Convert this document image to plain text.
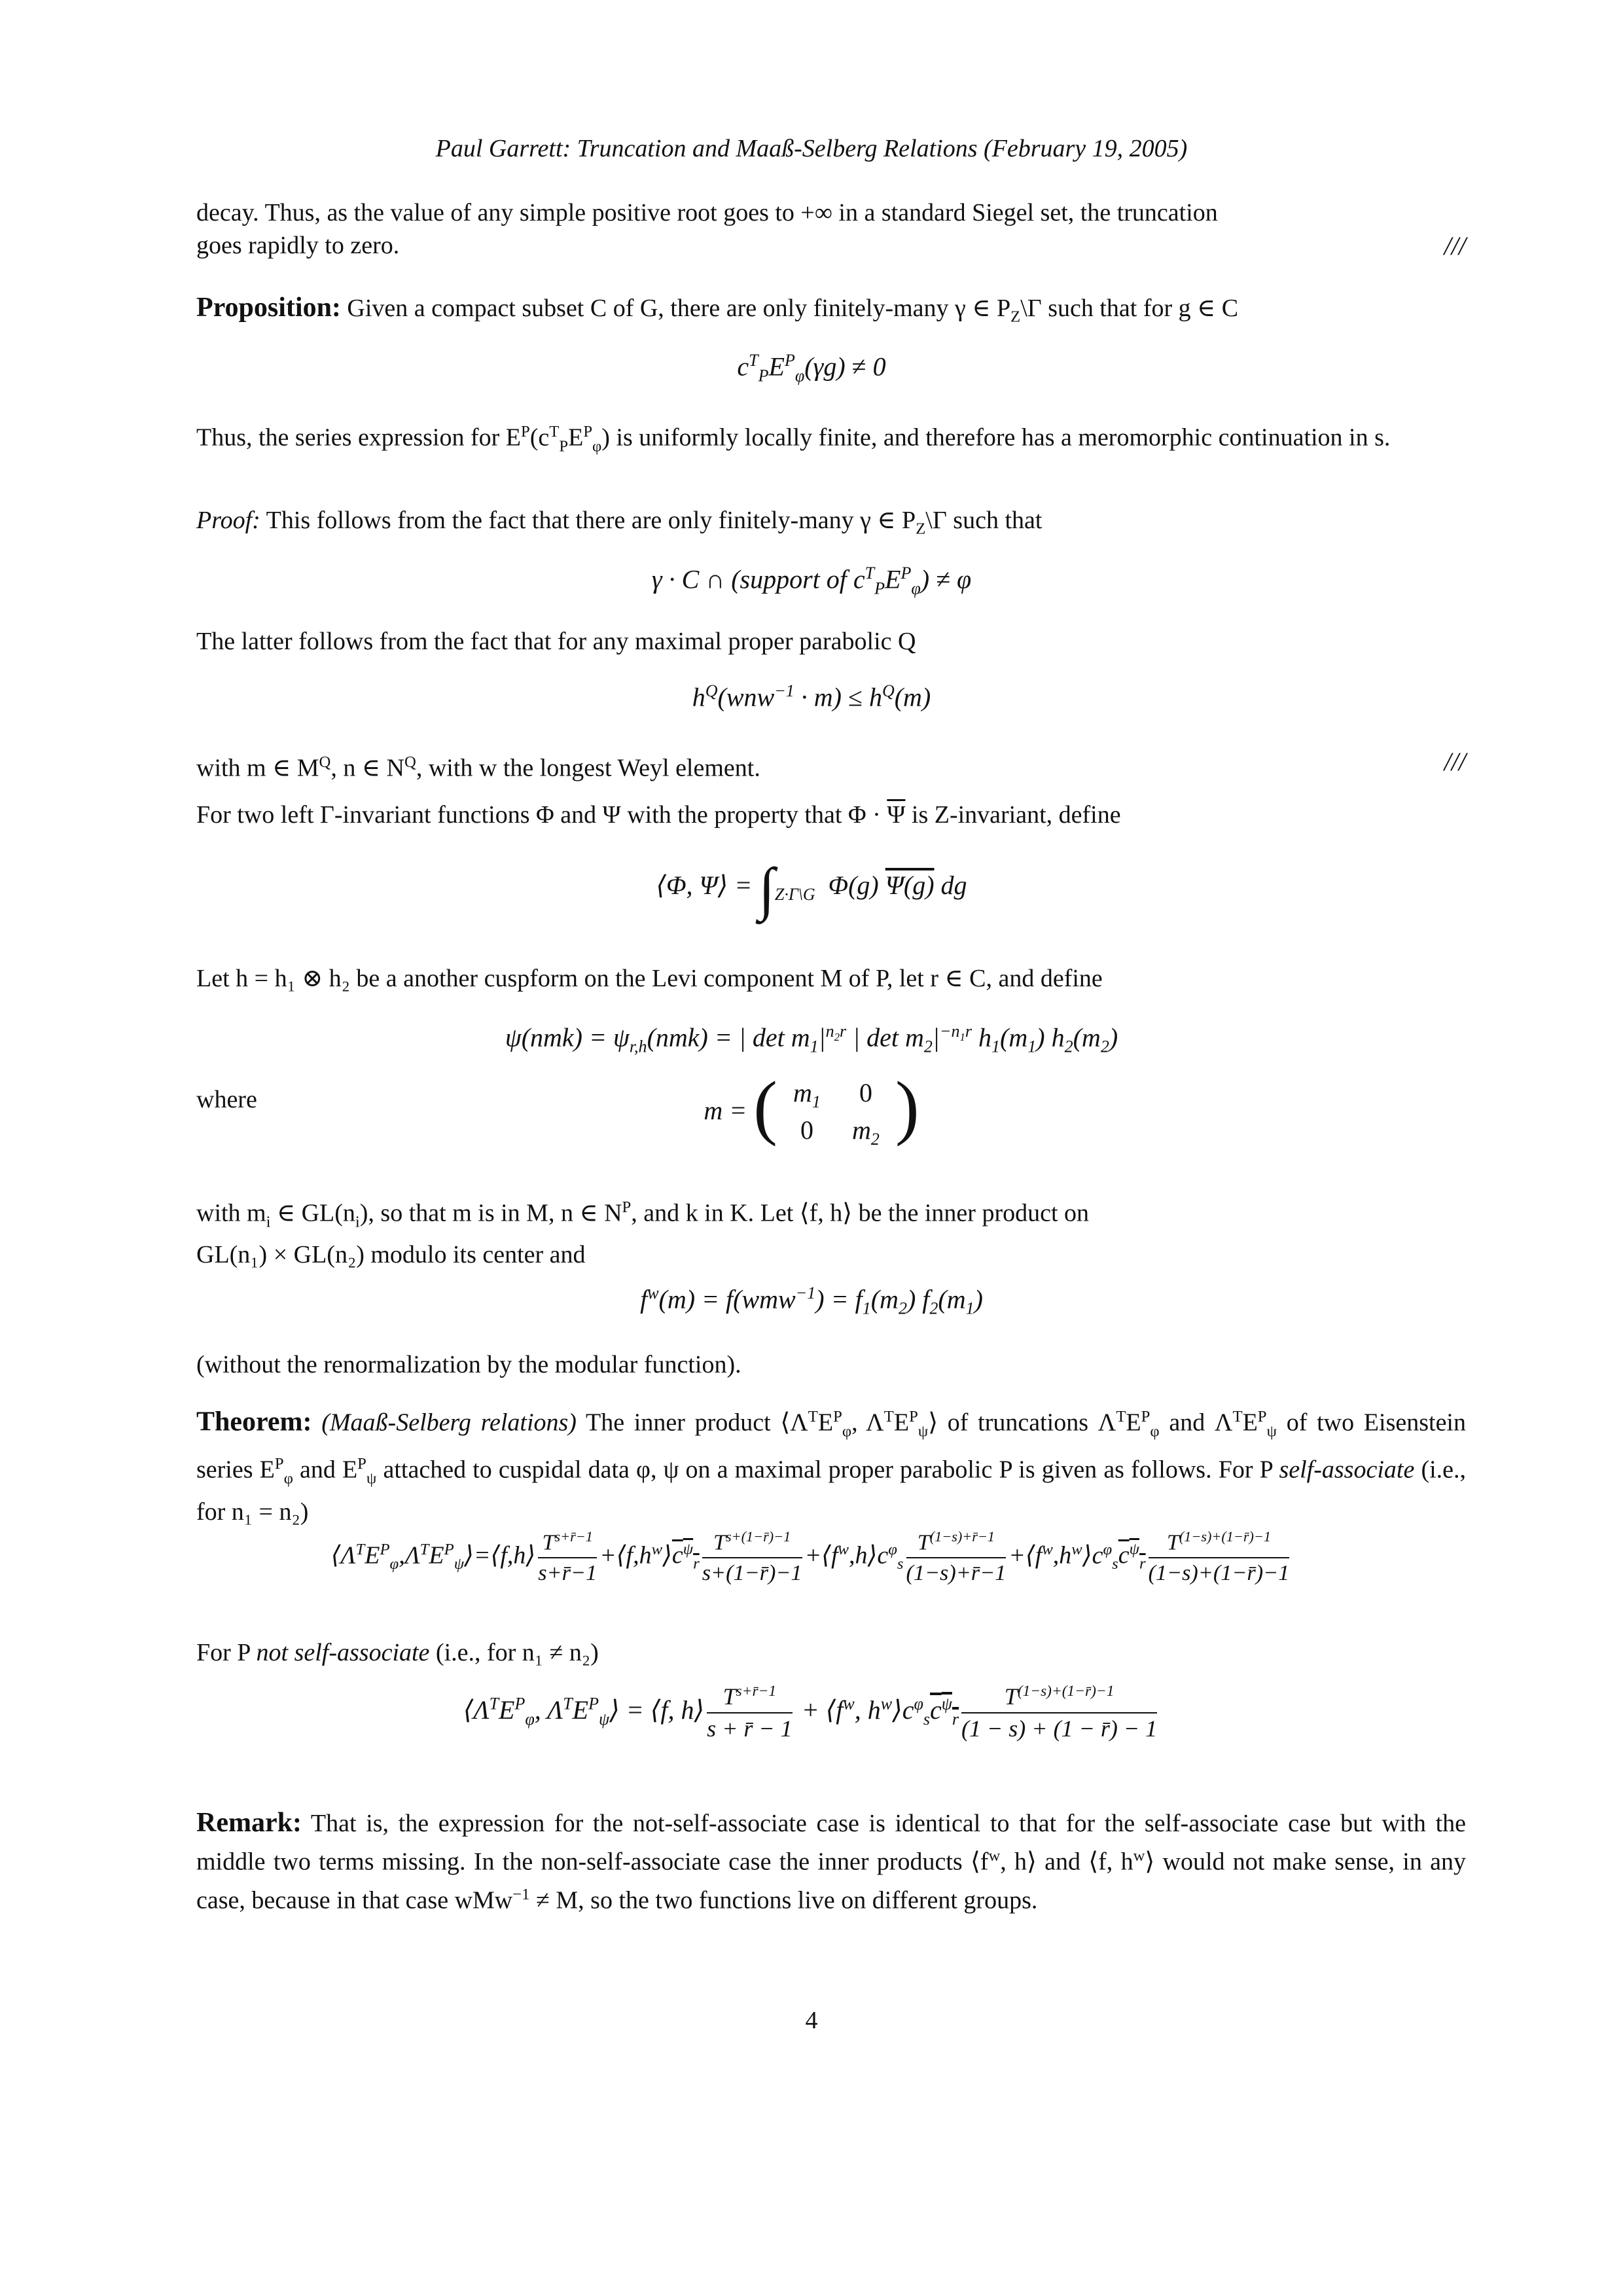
Paul Garrett: Truncation and Maaß-Selberg Relations (February 19, 2005)

decay. Thus, as the value of any simple positive root goes to +∞ in a standard Siegel set, the truncation

goes rapidly to zero.	///

Proposition: Given a compact subset C of G, there are only finitely-many γ ∈ $P_Z\backslash\Gamma$ such that for g ∈ C

$c^T_PE^P_\varphi(\gamma g) \ne 0$

Thus, the series expression for $E^P(c^T_PE^P_\varphi)$ is uniformly locally finite, and therefore has a meromorphic continuation in s.

Proof: This follows from the fact that there are only finitely-many γ ∈ $P_Z\backslash\Gamma$ such that

γ · C ∩ (support of $c^T_PE^P_\varphi) \ne \varphi$

The latter follows from the fact that for any maximal proper parabolic Q

$h^Q(wnw^{-1} \cdot m) \le h^Q(m)$

with m ∈ $M^Q$, n ∈ $N^Q$, with w the longest Weyl element.	///

For two left Γ-invariant functions Φ and Ψ with the property that $\Phi \cdot \overline{\Psi}$ is Z-invariant, define

⟨Φ, Ψ⟩ = $\int_{Z\cdot\Gamma\backslash G}$  Φ(g) Ψ(g) dg

Let h = h₁ ⊗ h₂ be a another cuspform on the Levi component M of P, let r ∈ C, and define

$\psi(nmk) = \psi_{r,h}(nmk)$ = | $\det m_1|^{n_2r}$ | $\det m_2|^{-n_1r}$ $h_1(m_1)$ $h_2(m_2)$

where	m = ( $m_1$ 0
0 $m_2$ )

with $m_i$ ∈ $GL(n_i)$, so that m is in M, n ∈ $N^P$, and k in K. Let ⟨f, h⟩ be the inner product on

GL(n₁) × GL(n₂) modulo its center and

$f^w(m) = f(wmw^{-1}) = f_1(m_2)$ $f_2(m_1)$

(without the renormalization by the modular function).

Theorem: (Maaß-Selberg relations) The inner product $⟨\Lambda^TE^P_\varphi$, $\Lambda^TE^P_\psi⟩$ of truncations $\Lambda^TE^P_\varphi$ and $\Lambda^TE^P_\psi$ of two Eisenstein series $E^P_\varphi$ and $E^P_\psi$ attached to cuspidal data φ, ψ on a maximal proper parabolic P is given as follows. For P self-associate (i.e., for n₁ = n₂)

$⟨\Lambda^TE^P_\varphi,\Lambda^TE^P_\psi⟩=⟨f,h⟩ \frac{T^{s+r̄-1}}{s+r̄-1}$ $+⟨f,h^w⟩c^\psi_r \frac{T^{s+(1-r̄)-1}}{s+(1-r̄)-1}$ $+⟨f^w,h⟩c^\varphi_s \frac{T^{(1-s)+r̄-1}}{(1-s)+r̄-1}$ $+⟨f^w,h^w⟩c^\varphi_sc^\psi_r \frac{T^{(1-s)+(1-r̄)-1}}{(1-s)+(1-r̄)-1}$

For P not self-associate (i.e., for n₁ ≠ n₂)

$⟨\Lambda^TE^P_\varphi$, $\Lambda^TE^P_\psi⟩$ = ⟨f, h⟩ $\frac{T^{s+r̄-1}}{s + r̄ - 1}$ + $⟨f^w$, $h^w⟩c^\varphi_sc^\psi_r \frac{T^{(1-s)+(1-r̄)-1}}{(1 - s) + (1 - r̄) - 1}$

Remark: That is, the expression for the not-self-associate case is identical to that for the self-associate case but with the middle two terms missing. In the non-self-associate case the inner products $⟨f^w$, h⟩ and ⟨f, $h^w⟩$ would not make sense, in any case, because in that case wMw$^{-1}$ ≠ M, so the two functions live on different groups.

4
